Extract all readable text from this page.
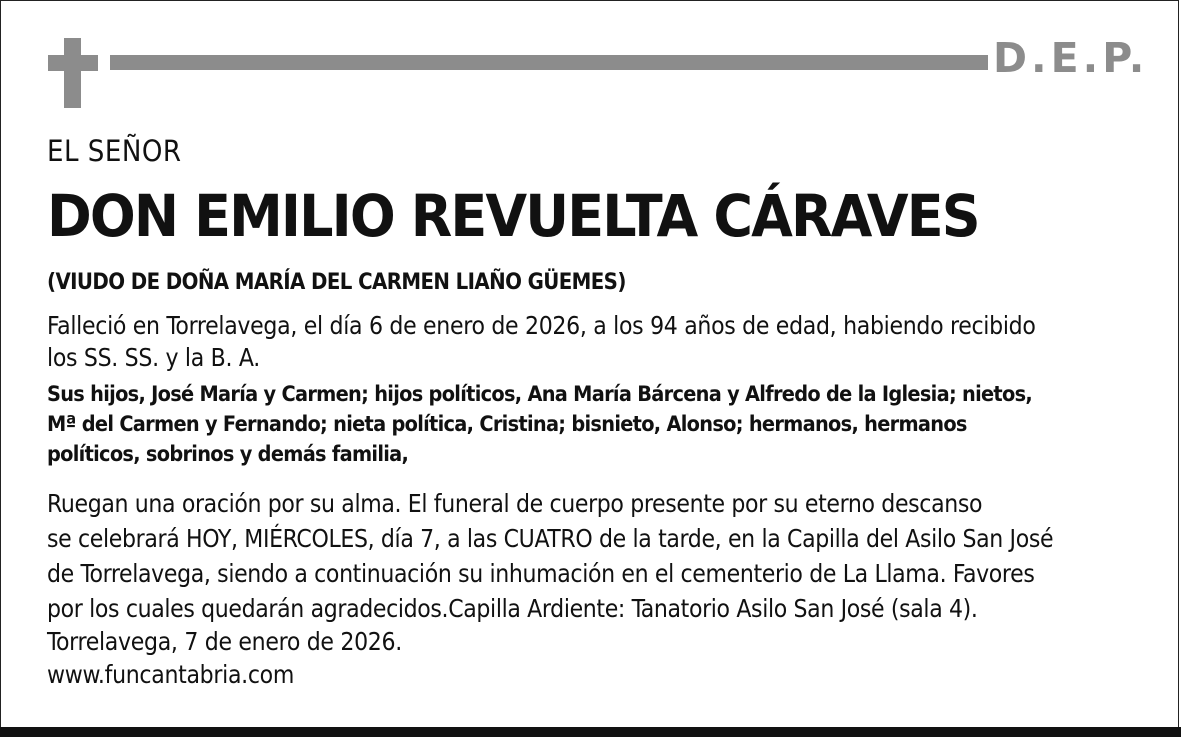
D.E.P.
EL SEÑOR
DON EMILIO REVUELTA CÁRAVES
(VIUDO DE DOÑA MARÍA DEL CARMEN LIAÑO GÜEMES)
Falleció en Torrelavega, el día 6 de enero de 2026, a los 94 años de edad, habiendo recibido
los SS. SS. y la B. A.
Sus hijos, José María y Carmen; hijos políticos, Ana María Bárcena y Alfredo de la Iglesia; nietos,
Mª del Carmen y Fernando; nieta política, Cristina; bisnieto, Alonso; hermanos, hermanos
políticos, sobrinos y demás familia,
Ruegan una oración por su alma. El funeral de cuerpo presente por su eterno descanso
se celebrará HOY, MIÉRCOLES, día 7, a las CUATRO de la tarde, en la Capilla del Asilo San José
de Torrelavega, siendo a continuación su inhumación en el cementerio de La Llama. Favores
por los cuales quedarán agradecidos.Capilla Ardiente: Tanatorio Asilo San José (sala 4).
Torrelavega, 7 de enero de 2026.
www.funcantabria.com
